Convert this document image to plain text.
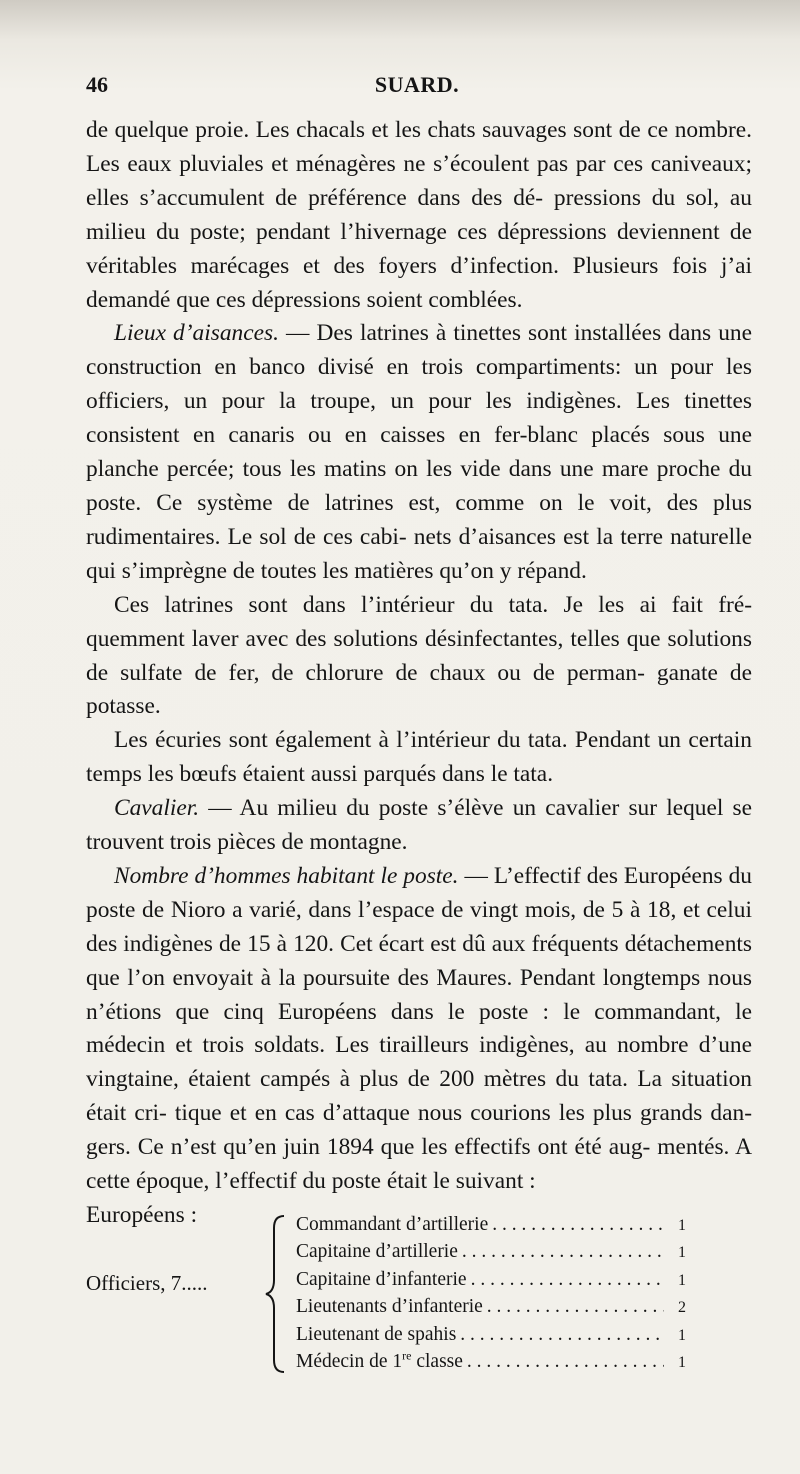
46	SUARD.

de quelque proie. Les chacals et les chats sauvages sont de ce nombre. Les eaux pluviales et ménagères ne s’écoulent pas par ces caniveaux; elles s’accumulent de préférence dans des dé- pressions du sol, au milieu du poste; pendant l’hivernage ces dépressions deviennent de véritables marécages et des foyers d’infection. Plusieurs fois j’ai demandé que ces dépressions soient comblées.

Lieux d’aisances. — Des latrines à tinettes sont installées dans une construction en banco divisé en trois compartiments: un pour les officiers, un pour la troupe, un pour les indigènes. Les tinettes consistent en canaris ou en caisses en fer-blanc placés sous une planche percée; tous les matins on les vide dans une mare proche du poste. Ce système de latrines est, comme on le voit, des plus rudimentaires. Le sol de ces cabi- nets d’aisances est la terre naturelle qui s’imprègne de toutes les matières qu’on y répand.

Ces latrines sont dans l’intérieur du tata. Je les ai fait fré- quemment laver avec des solutions désinfectantes, telles que solutions de sulfate de fer, de chlorure de chaux ou de perman- ganate de potasse.

Les écuries sont également à l’intérieur du tata. Pendant un certain temps les bœufs étaient aussi parqués dans le tata.

Cavalier. — Au milieu du poste s’élève un cavalier sur lequel se trouvent trois pièces de montagne.

Nombre d’hommes habitant le poste. — L’effectif des Européens du poste de Nioro a varié, dans l’espace de vingt mois, de 5 à 18, et celui des indigènes de 15 à 120. Cet écart est dû aux fréquents détachements que l’on envoyait à la poursuite des Maures. Pendant longtemps nous n’étions que cinq Européens dans le poste : le commandant, le médecin et trois soldats. Les tirailleurs indigènes, au nombre d’une vingtaine, étaient campés à plus de 200 mètres du tata. La situation était cri- tique et en cas d’attaque nous courions les plus grands dan- gers. Ce n’est qu’en juin 1894 que les effectifs ont été aug- mentés. A cette époque, l’effectif du poste était le suivant :

Européens :

Officiers, 7.....
Commandant d’artillerie . . .	1
Capitaine d’artillerie . . .	1
Capitaine d’infanterie . . .	1
Lieutenants d’infanterie . . .	2
Lieutenant de spahis . . .	1
Médecin de 1re classe . . .	1
